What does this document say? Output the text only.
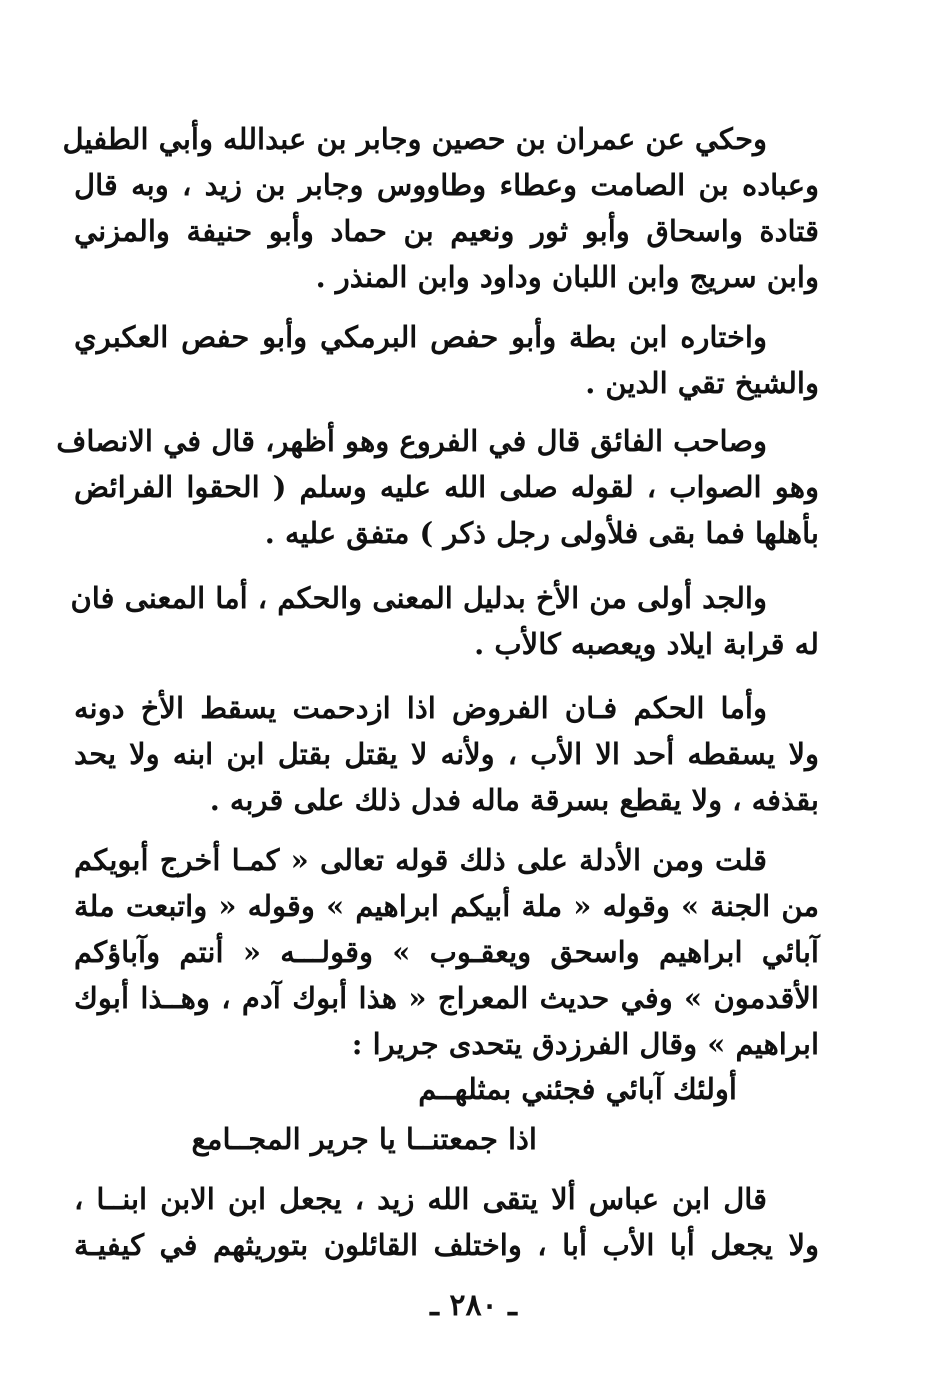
وحكي عن عمران بن حصين وجابر بن عبدالله وأبي الطفيل
وعباده بن الصامت وعطاء وطاووس وجابر بن زيد ، وبه قال
قتادة واسحاق وأبو ثور ونعيم بن حماد وأبو حنيفة والمزني
وابن سريج وابن اللبان وداود وابن المنذر .
واختاره ابن بطة وأبو حفص البرمكي وأبو حفص العكبري
والشيخ تقي الدين .
وصاحب الفائق قال في الفروع وهو أظهر، قال في الانصاف
وهو الصواب ، لقوله صلى الله عليه وسلم ( الحقوا الفرائض
بأهلها فما بقى فلأولى رجل ذكر ) متفق عليه .
والجد أولى من الأخ بدليل المعنى والحكم ، أما المعنى فان
له قرابة ايلاد ويعصبه كالأب .
وأما الحكم فـان الفروض اذا ازدحمت يسقط الأخ دونه
ولا يسقطه أحد الا الأب ، ولأنه لا يقتل بقتل ابن ابنه ولا يحد
بقذفه ، ولا يقطع بسرقة ماله فدل ذلك على قربه .
قلت ومن الأدلة على ذلك قوله تعالى « كمـا أخرج أبويكم
من الجنة » وقوله « ملة أبيكم ابراهيم » وقوله « واتبعت ملة
آبائي ابراهيم واسحق ويعقـوب » وقولـــه « أنتم وآباؤكم
الأقدمون » وفي حديث المعراج « هذا أبوك آدم ، وهــذا أبوك
ابراهيم » وقال الفرزدق يتحدى جريرا :
أولئك آبائي فجئني بمثلهــم
اذا جمعتنــا يا جرير المجــامع
قال ابن عباس ألا يتقى الله زيد ، يجعل ابن الابن ابنــا ،
ولا يجعل أبا الأب أبا ، واختلف القائلون بتوريثهم في كيفيـة
ـ ٢٨٠ ـ
